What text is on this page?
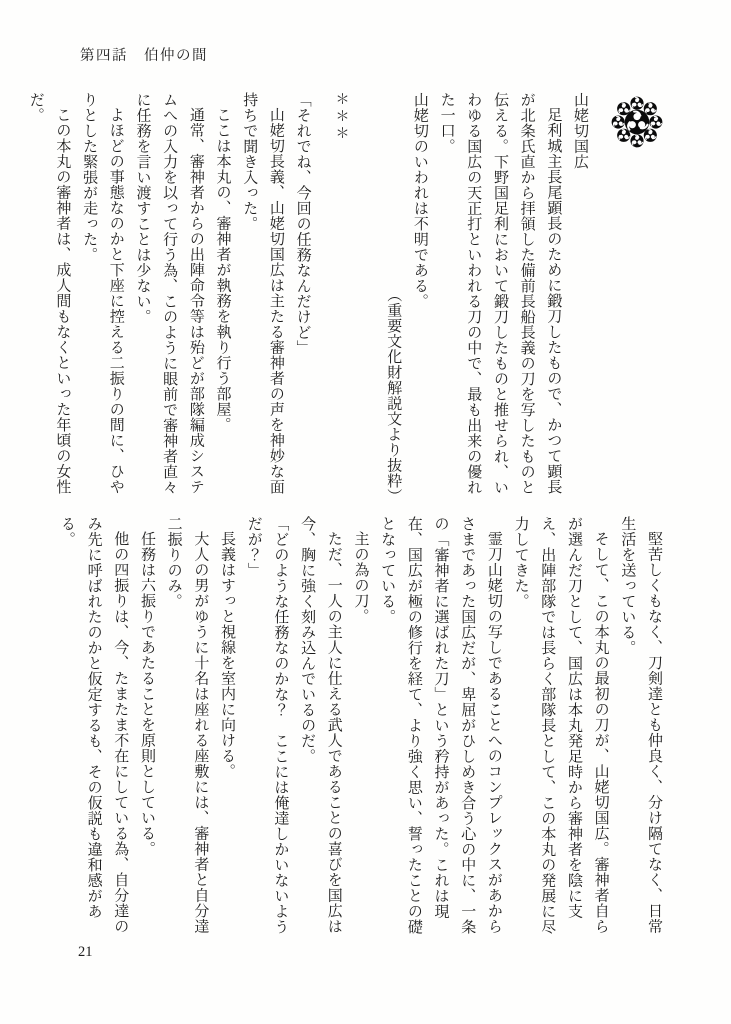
第四話　伯仲の間

山姥切国広

足利城主長尾顕長のために鍛刀したもので、かつて顕長が北条氏直から拝領した備前長船長義の刀を写したものと伝える。下野国足利において鍛刀したものと推せられ、いわゆる国広の天正打といわれる刀の中で、最も出来の優れた一口。

山姥切のいわれは不明である。

（重要文化財解説文より抜粋）

＊＊＊

「それでね、今回の任務なんだけど」

山姥切長義、山姥切国広は主たる審神者の声を神妙な面持ちで聞き入った。

ここは本丸の、審神者が執務を執り行う部屋。

通常、審神者からの出陣命令等は殆どが部隊編成システムへの入力を以って行う為、このように眼前で審神者直々に任務を言い渡すことは少ない。

よほどの事態なのかと下座に控える二振りの間に、ひやりとした緊張が走った。

この本丸の審神者は、成人間もなくといった年頃の女性だ。

堅苦しくもなく、刀剣達とも仲良く、分け隔てなく、日常生活を送っている。

そして、この本丸の最初の刀が、山姥切国広。審神者自らが選んだ刀として、国広は本丸発足時から審神者を陰に支え、出陣部隊では長らく部隊長として、この本丸の発展に尽力してきた。

霊刀山姥切の写しであることへのコンプレックスがあからさまであった国広だが、卑屈がひしめき合う心の中に、一条の「審神者に選ばれた刀」という矜持があった。これは現在、国広が極の修行を経て、より強く思い、誓ったことの礎となっている。

主の為の刀。

ただ、一人の主人に仕える武人であることの喜びを国広は今、胸に強く刻み込んでいるのだ。

「どのような任務なのかな？　ここには俺達しかいないようだが？」

長義はすっと視線を室内に向ける。

大人の男がゆうに十名は座れる座敷には、審神者と自分達二振りのみ。

任務は六振りであたることを原則としている。

他の四振りは、今、たまたま不在にしている為、自分達のみ先に呼ばれたのかと仮定するも、その仮説も違和感がある。

21
